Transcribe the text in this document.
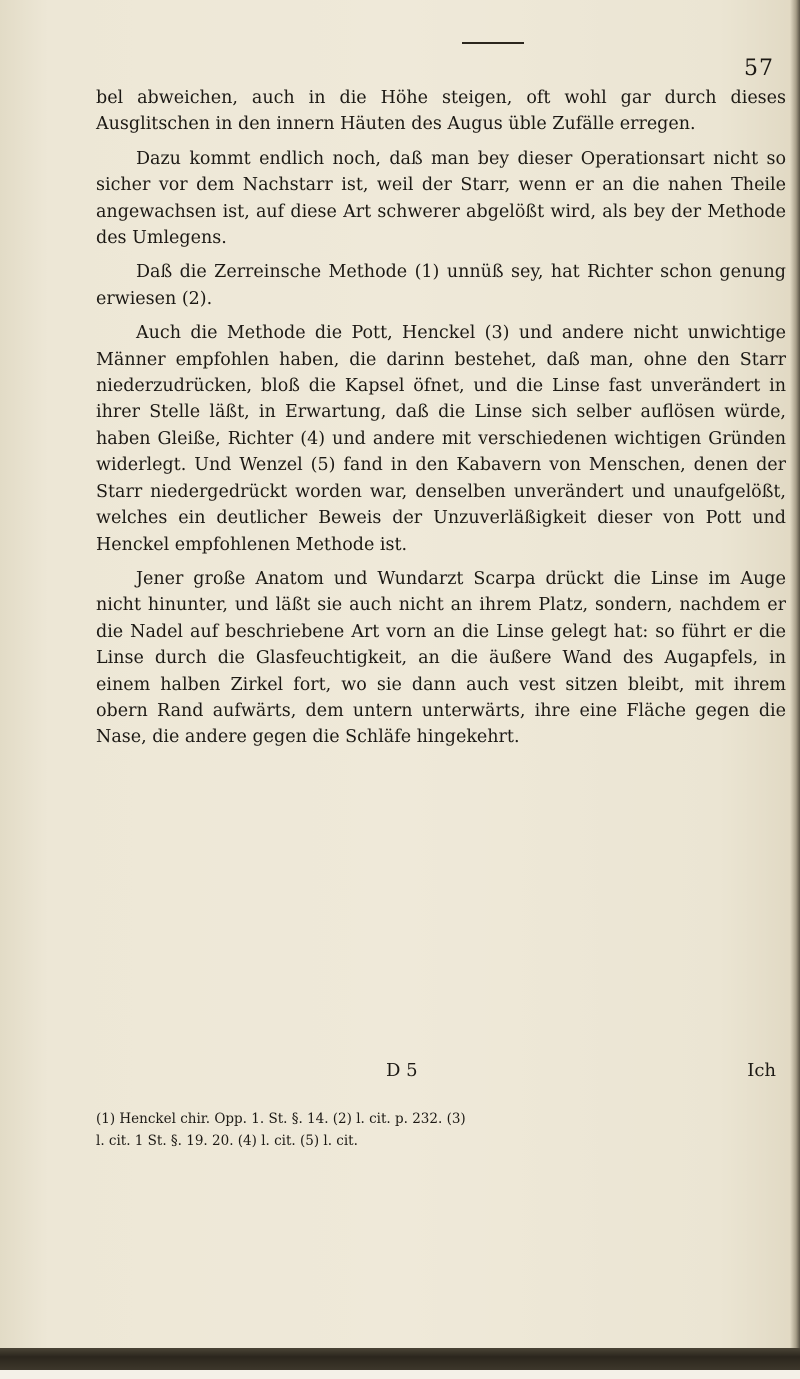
57

bel abweichen, auch in die Höhe steigen, oft wohl gar durch dieses Ausglitschen in den innern Häuten des Augus üble Zufälle erregen.

Dazu kommt endlich noch, daß man bey dieser Operationsart nicht so sicher vor dem Nachstarr ist, weil der Starr, wenn er an die nahen Theile angewachsen ist, auf diese Art schwerer abgelößt wird, als bey der Methode des Umlegens.

Daß die Zerreinsche Methode (1) unnüß sey, hat Richter schon genung erwiesen (2).

Auch die Methode die Pott, Henckel (3) und andere nicht unwichtige Männer empfohlen haben, die darinn bestehet, daß man, ohne den Starr niederzudrücken, bloß die Kapsel öfnet, und die Linse fast unverändert in ihrer Stelle läßt, in Erwartung, daß die Linse sich selber auflösen würde, haben Gleiße, Richter (4) und andere mit verschiedenen wichtigen Gründen widerlegt. Und Wenzel (5) fand in den Kabavern von Menschen, denen der Starr niedergedrückt worden war, denselben unverändert und unaufgelößt, welches ein deutlicher Beweis der Unzuverläßigkeit dieser von Pott und Henckel empfohlenen Methode ist.

Jener große Anatom und Wundarzt Scarpa drückt die Linse im Auge nicht hinunter, und läßt sie auch nicht an ihrem Platz, sondern, nachdem er die Nadel auf beschriebene Art vorn an die Linse gelegt hat: so führt er die Linse durch die Glasfeuchtigkeit, an die äußere Wand des Augapfels, in einem halben Zirkel fort, wo sie dann auch vest sitzen bleibt, mit ihrem obern Rand aufwärts, dem untern unterwärts, ihre eine Fläche gegen die Nase, die andere gegen die Schläfe hingekehrt.

D 5	Ich
(1) Henckel chir. Opp. 1. St. §. 14. (2) l. cit. p. 232. (3)
l. cit. 1 St. §. 19. 20. (4) l. cit. (5) l. cit.
